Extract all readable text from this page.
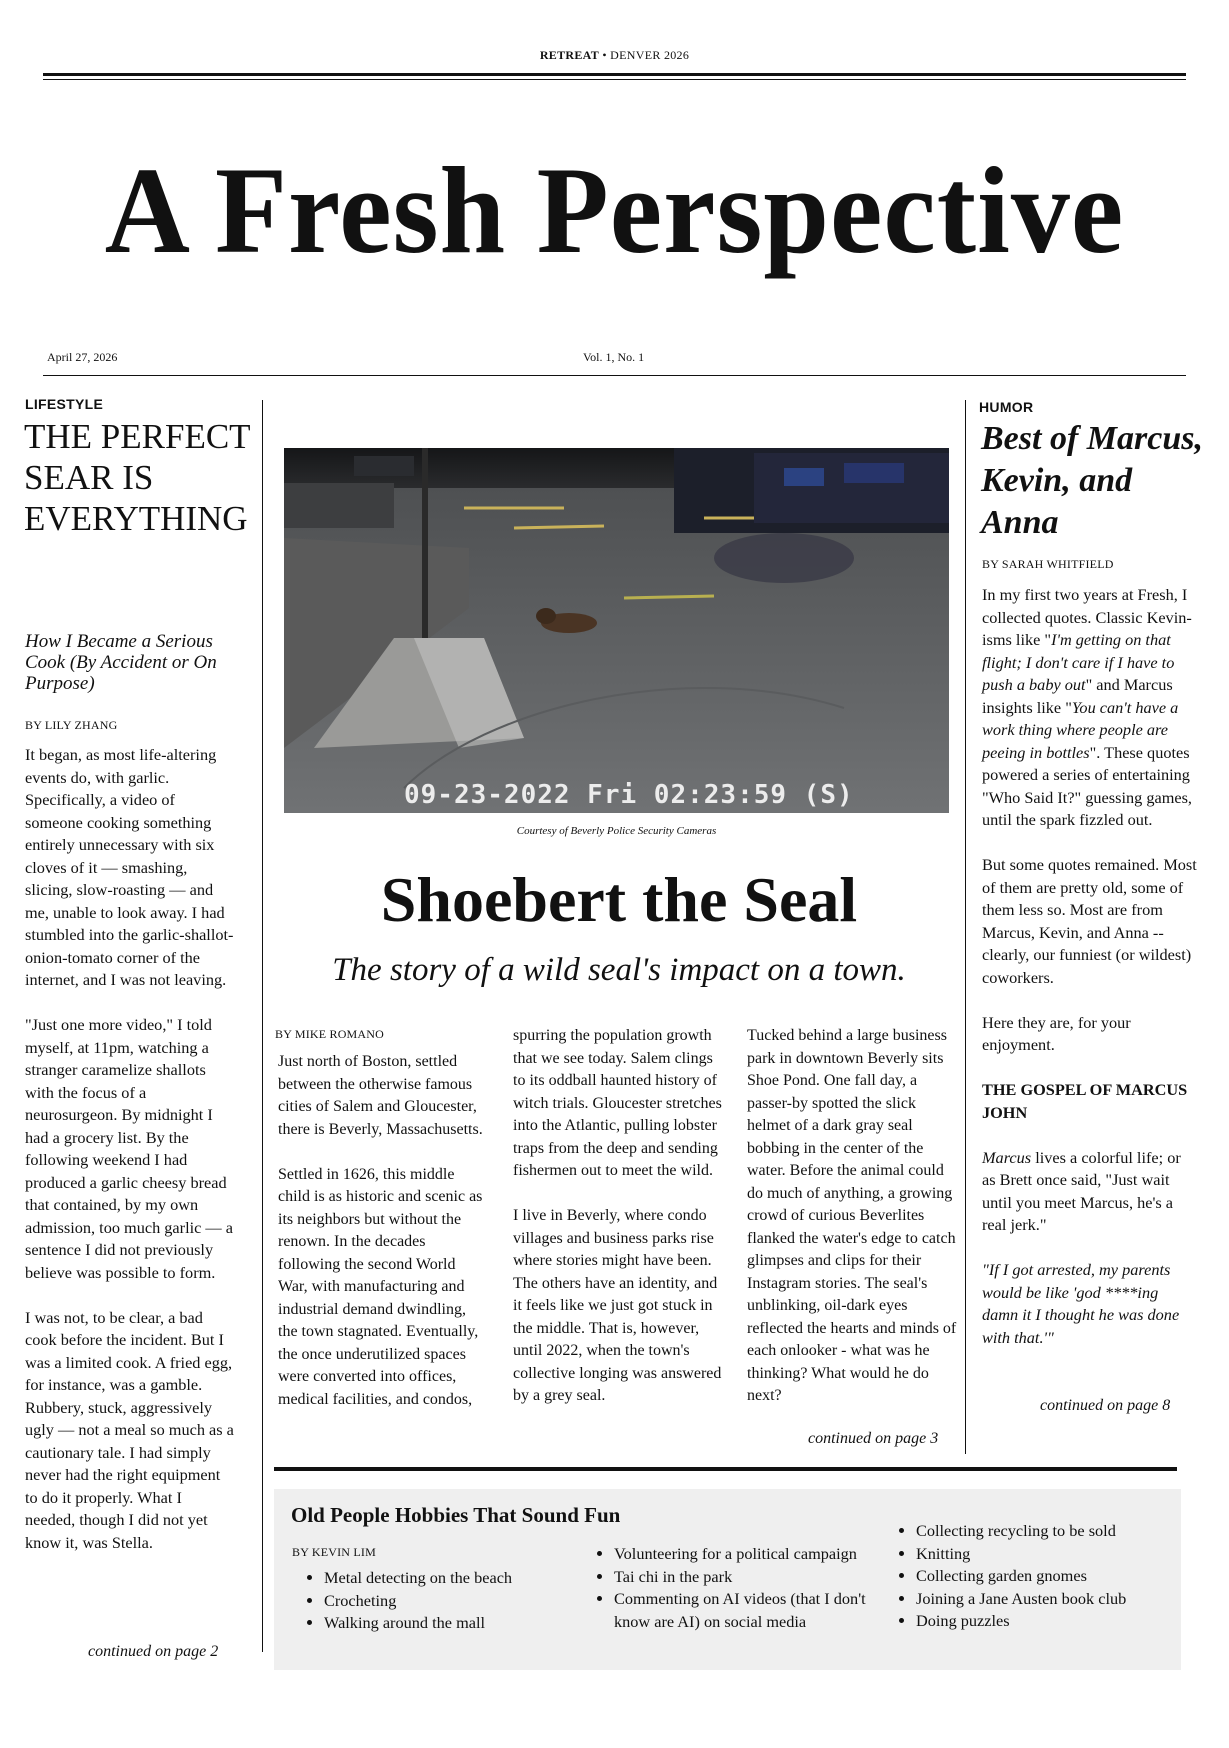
RETREAT • DENVER 2026
A Fresh Perspective
April 27, 2026	Vol. 1, No. 1
LIFESTYLE
THE PERFECT SEAR IS EVERYTHING
How I Became a Serious Cook (By Accident or On Purpose)
BY LILY ZHANG

It began, as most life-altering events do, with garlic. Specifically, a video of someone cooking something entirely unnecessary with six cloves of it — smashing, slicing, slow-roasting — and me, unable to look away. I had stumbled into the garlic-shallot-onion-tomato corner of the internet, and I was not leaving.

"Just one more video," I told myself, at 11pm, watching a stranger caramelize shallots with the focus of a neurosurgeon. By midnight I had a grocery list. By the following weekend I had produced a garlic cheesy bread that contained, by my own admission, too much garlic — a sentence I did not previously believe was possible to form.

I was not, to be clear, a bad cook before the incident. But I was a limited cook. A fried egg, for instance, was a gamble. Rubbery, stuck, aggressively ugly — not a meal so much as a cautionary tale. I had simply never had the right equipment to do it properly. What I needed, though I did not yet know it, was Stella.

continued on page 2
09-23-2022 Fri 02:23:59 (S)
Courtesy of Beverly Police Security Cameras
Shoebert the Seal
The story of a wild seal's impact on a town.
BY MIKE ROMANO

Just north of Boston, settled between the otherwise famous cities of Salem and Gloucester, there is Beverly, Massachusetts.

Settled in 1626, this middle child is as historic and scenic as its neighbors but without the renown. In the decades following the second World War, with manufacturing and industrial demand dwindling, the town stagnated. Eventually, the once underutilized spaces were converted into offices, medical facilities, and condos,

spurring the population growth that we see today. Salem clings to its oddball haunted history of witch trials. Gloucester stretches into the Atlantic, pulling lobster traps from the deep and sending fishermen out to meet the wild.

I live in Beverly, where condo villages and business parks rise where stories might have been. The others have an identity, and it feels like we just got stuck in the middle. That is, however, until 2022, when the town's collective longing was answered by a grey seal.

Tucked behind a large business park in downtown Beverly sits Shoe Pond. One fall day, a passer-by spotted the slick helmet of a dark gray seal bobbing in the center of the water. Before the animal could do much of anything, a growing crowd of curious Beverlites flanked the water's edge to catch glimpses and clips for their Instagram stories. The seal's unblinking, oil-dark eyes reflected the hearts and minds of each onlooker - what was he thinking? What would he do next?

continued on page 3
HUMOR
Best of Marcus, Kevin, and Anna
BY SARAH WHITFIELD

In my first two years at Fresh, I collected quotes. Classic Kevin-isms like "I'm getting on that flight; I don't care if I have to push a baby out" and Marcus insights like "You can't have a work thing where people are peeing in bottles". These quotes powered a series of entertaining "Who Said It?" guessing games, until the spark fizzled out.

But some quotes remained. Most of them are pretty old, some of them less so. Most are from Marcus, Kevin, and Anna -- clearly, our funniest (or wildest) coworkers.

Here they are, for your enjoyment.

THE GOSPEL OF MARCUS JOHN

Marcus lives a colorful life; or as Brett once said, "Just wait until you meet Marcus, he's a real jerk."

"If I got arrested, my parents would be like 'god ****ing damn it I thought he was done with that.'"

continued on page 8
Old People Hobbies That Sound Fun
BY KEVIN LIM
• Metal detecting on the beach
• Crocheting
• Walking around the mall
• Volunteering for a political campaign
• Tai chi in the park
• Commenting on AI videos (that I don't know are AI) on social media
• Collecting recycling to be sold
• Knitting
• Collecting garden gnomes
• Joining a Jane Austen book club
• Doing puzzles
